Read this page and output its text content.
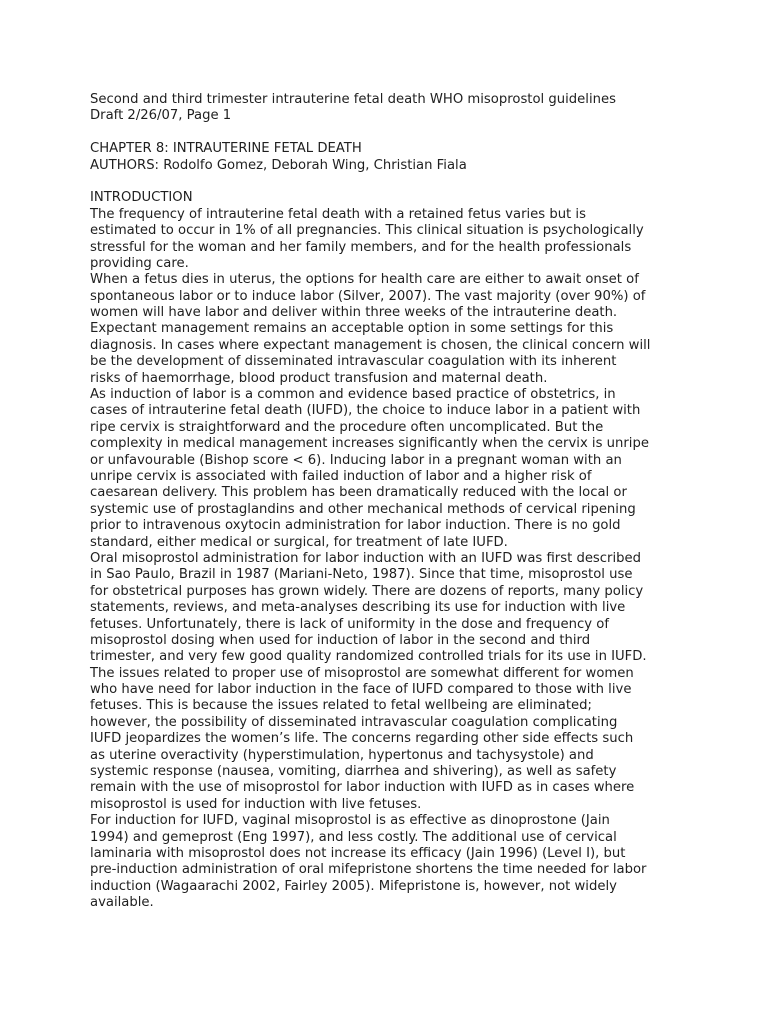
Second and third trimester intrauterine fetal death WHO misoprostol guidelines
Draft 2/26/07, Page 1
CHAPTER 8: INTRAUTERINE FETAL DEATH
AUTHORS: Rodolfo Gomez, Deborah Wing, Christian Fiala
INTRODUCTION
The frequency of intrauterine fetal death with a retained fetus varies but is
estimated to occur in 1% of all pregnancies. This clinical situation is psychologically
stressful for the woman and her family members, and for the health professionals
providing care.
When a fetus dies in uterus, the options for health care are either to await onset of
spontaneous labor or to induce labor (Silver, 2007). The vast majority (over 90%) of
women will have labor and deliver within three weeks of the intrauterine death.
Expectant management remains an acceptable option in some settings for this
diagnosis. In cases where expectant management is chosen, the clinical concern will
be the development of disseminated intravascular coagulation with its inherent
risks of haemorrhage, blood product transfusion and maternal death.
As induction of labor is a common and evidence based practice of obstetrics, in
cases of intrauterine fetal death (IUFD), the choice to induce labor in a patient with
ripe cervix is straightforward and the procedure often uncomplicated. But the
complexity in medical management increases significantly when the cervix is unripe
or unfavourable (Bishop score < 6). Inducing labor in a pregnant woman with an
unripe cervix is associated with failed induction of labor and a higher risk of
caesarean delivery. This problem has been dramatically reduced with the local or
systemic use of prostaglandins and other mechanical methods of cervical ripening
prior to intravenous oxytocin administration for labor induction. There is no gold
standard, either medical or surgical, for treatment of late IUFD.
Oral misoprostol administration for labor induction with an IUFD was first described
in Sao Paulo, Brazil in 1987 (Mariani-Neto, 1987). Since that time, misoprostol use
for obstetrical purposes has grown widely. There are dozens of reports, many policy
statements, reviews, and meta-analyses describing its use for induction with live
fetuses. Unfortunately, there is lack of uniformity in the dose and frequency of
misoprostol dosing when used for induction of labor in the second and third
trimester, and very few good quality randomized controlled trials for its use in IUFD.
The issues related to proper use of misoprostol are somewhat different for women
who have need for labor induction in the face of IUFD compared to those with live
fetuses. This is because the issues related to fetal wellbeing are eliminated;
however, the possibility of disseminated intravascular coagulation complicating
IUFD jeopardizes the women’s life. The concerns regarding other side effects such
as uterine overactivity (hyperstimulation, hypertonus and tachysystole) and
systemic response (nausea, vomiting, diarrhea and shivering), as well as safety
remain with the use of misoprostol for labor induction with IUFD as in cases where
misoprostol is used for induction with live fetuses.
For induction for IUFD, vaginal misoprostol is as effective as dinoprostone (Jain
1994) and gemeprost (Eng 1997), and less costly. The additional use of cervical
laminaria with misoprostol does not increase its efficacy (Jain 1996) (Level I), but
pre-induction administration of oral mifepristone shortens the time needed for labor
induction (Wagaarachi 2002, Fairley 2005). Mifepristone is, however, not widely
available.
